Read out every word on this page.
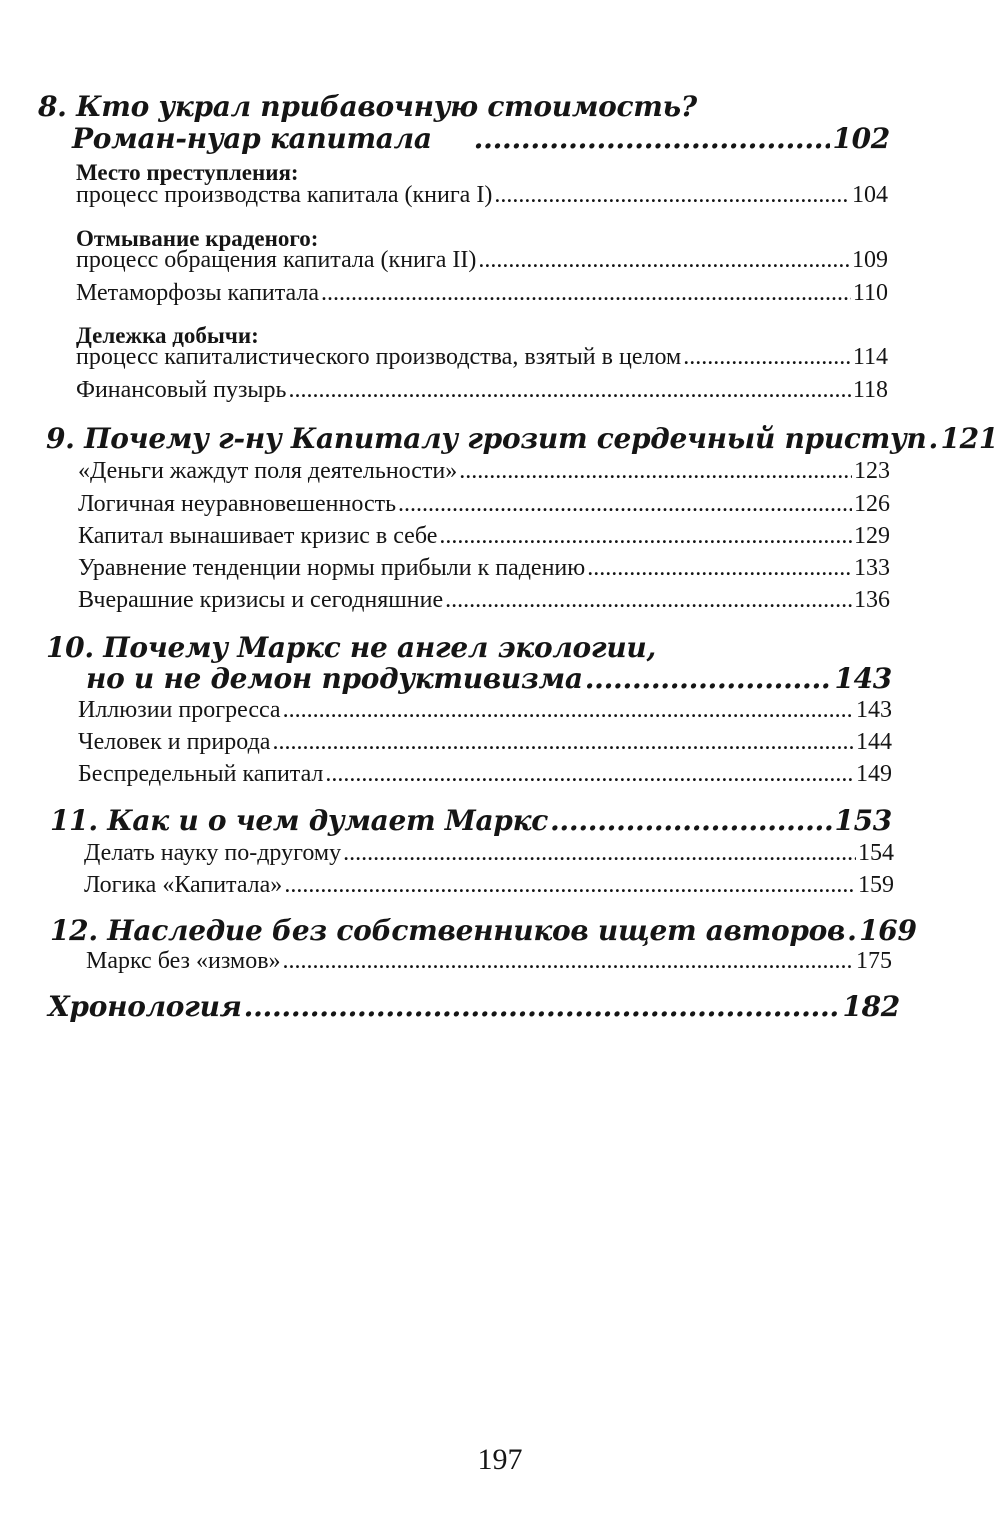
8. Кто украл прибавочную стоимость?
Роман-нуар капитала .....	102
Место преступления:
процесс производства капитала (книга I) .....	104
Отмывание краденого:
процесс обращения капитала (книга II) .....	109
Метаморфозы капитала .....	110
Дележка добычи:
процесс капиталистического производства, взятый в целом .....	114
Финансовый пузырь .....	118
9. Почему г-ну Капиталу грозит сердечный приступ ..... 121
«Деньги жаждут поля деятельности» .....	123
Логичная неуравновешенность .....	126
Капитал вынашивает кризис в себе .....	129
Уравнение тенденции нормы прибыли к падению .....	133
Вчерашние кризисы и сегодняшние .....	136
10. Почему Маркс не ангел экологии,
но и не демон продуктивизма .....	143
Иллюзии прогресса .....	143
Человек и природа .....	144
Беспредельный капитал .....	149
11. Как и о чем думает Маркс .....	153
Делать науку по-другому .....	154
Логика «Капитала» .....	159
12. Наследие без собственников ищет авторов ..... 169
Маркс без «измов» .....	175
Хронология .....	182
197
